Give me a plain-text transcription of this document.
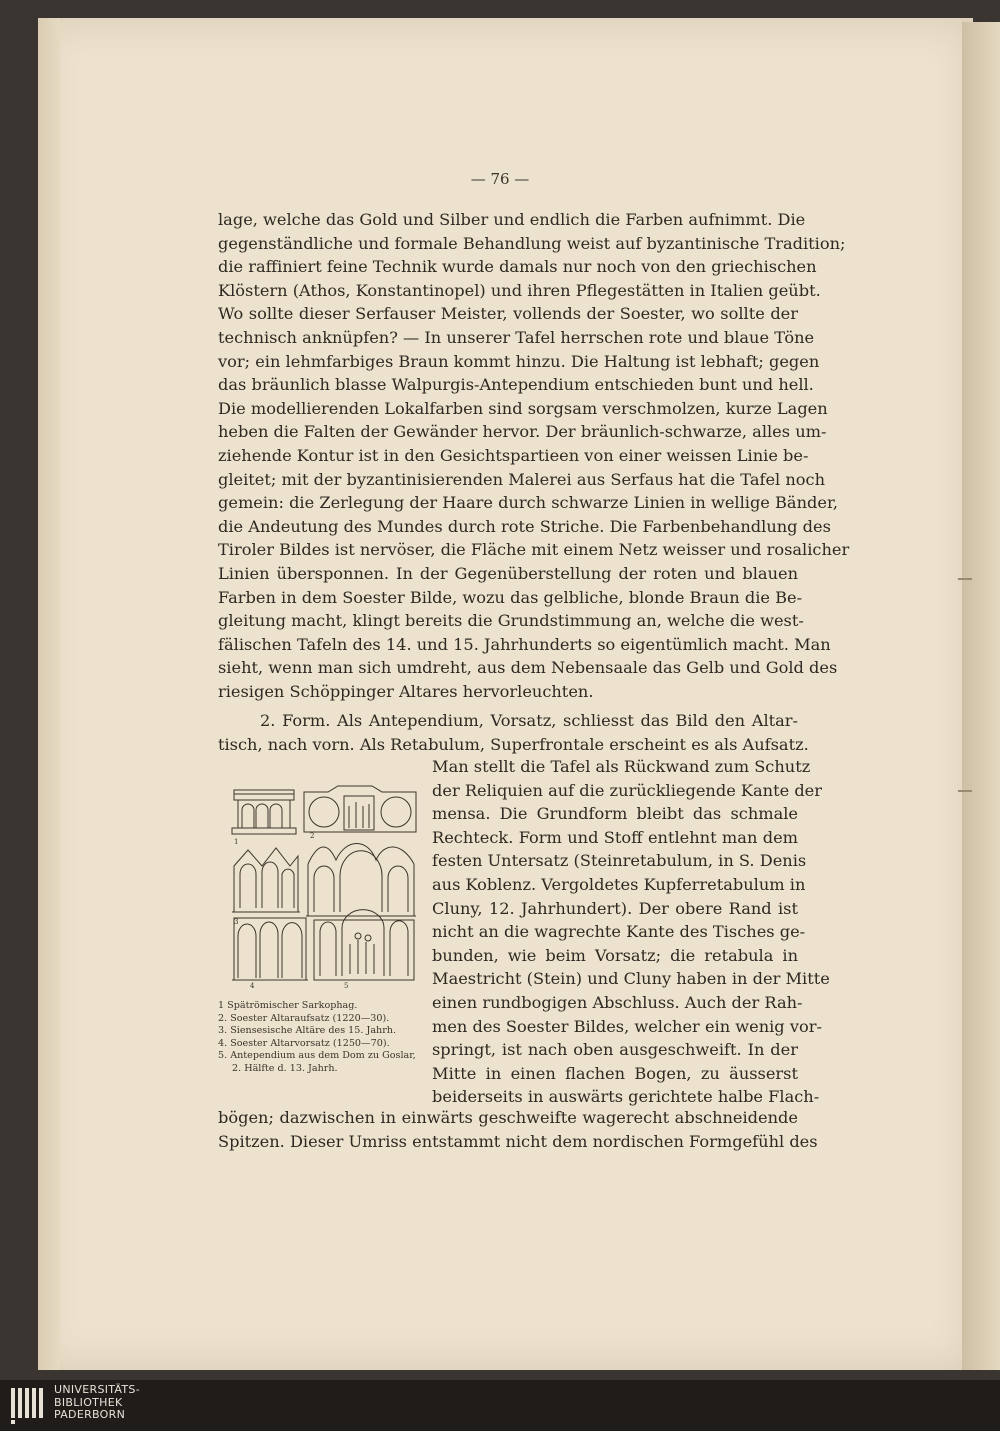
— 76 —
lage, welche das Gold und Silber und endlich die Farben aufnimmt. Die
gegenständliche und formale Behandlung weist auf byzantinische Tradition;
die raffiniert feine Technik wurde damals nur noch von den griechischen
Klöstern (Athos, Konstantinopel) und ihren Pflegestätten in Italien geübt.
Wo sollte dieser Serfauser Meister, vollends der Soester, wo sollte der
technisch anknüpfen? — In unserer Tafel herrschen rote und blaue Töne
vor; ein lehmfarbiges Braun kommt hinzu. Die Haltung ist lebhaft; gegen
das bräunlich blasse Walpurgis-Antependium entschieden bunt und hell.
Die modellierenden Lokalfarben sind sorgsam verschmolzen, kurze Lagen
heben die Falten der Gewänder hervor. Der bräunlich-schwarze, alles um-
ziehende Kontur ist in den Gesichtspartieen von einer weissen Linie be-
gleitet; mit der byzantinisierenden Malerei aus Serfaus hat die Tafel noch
gemein: die Zerlegung der Haare durch schwarze Linien in wellige Bänder,
die Andeutung des Mundes durch rote Striche. Die Farbenbehandlung des
Tiroler Bildes ist nervöser, die Fläche mit einem Netz weisser und rosalicher
Linien übersponnen. In der Gegenüberstellung der roten und blauen
Farben in dem Soester Bilde, wozu das gelbliche, blonde Braun die Be-
gleitung macht, klingt bereits die Grundstimmung an, welche die west-
fälischen Tafeln des 14. und 15. Jahrhunderts so eigentümlich macht. Man
sieht, wenn man sich umdreht, aus dem Nebensaale das Gelb und Gold des
riesigen Schöppinger Altares hervorleuchten.
2. Form. Als Antependium, Vorsatz, schliesst das Bild den Altar-
tisch, nach vorn. Als Retabulum, Superfrontale erscheint es als Aufsatz.
Man stellt die Tafel als Rückwand zum Schutz
der Reliquien auf die zurückliegende Kante der
mensa. Die Grundform bleibt das schmale
Rechteck. Form und Stoff entlehnt man dem
festen Untersatz (Steinretabulum, in S. Denis
aus Koblenz. Vergoldetes Kupferretabulum in
Cluny, 12. Jahrhundert). Der obere Rand ist
nicht an die wagrechte Kante des Tisches ge-
bunden, wie beim Vorsatz; die retabula in
Maestricht (Stein) und Cluny haben in der Mitte
einen rundbogigen Abschluss. Auch der Rah-
men des Soester Bildes, welcher ein wenig vor-
springt, ist nach oben ausgeschweift. In der
Mitte in einen flachen Bogen, zu äusserst
beiderseits in auswärts gerichtete halbe Flach-
bögen; dazwischen in einwärts geschweifte wagerecht abschneidende
Spitzen. Dieser Umriss entstammt nicht dem nordischen Formgefühl des
1
2
3
4	5
1 Spätrömischer Sarkophag.
2. Soester Altaraufsatz (1220—30).
3. Siensesische Altäre des 15. Jahrh.
4. Soester Altarvorsatz (1250—70).
5. Antependium aus dem Dom zu Goslar,
2. Hälfte d. 13. Jahrh.
UNIVERSITÄTS-
BIBLIOTHEK
PADERBORN
